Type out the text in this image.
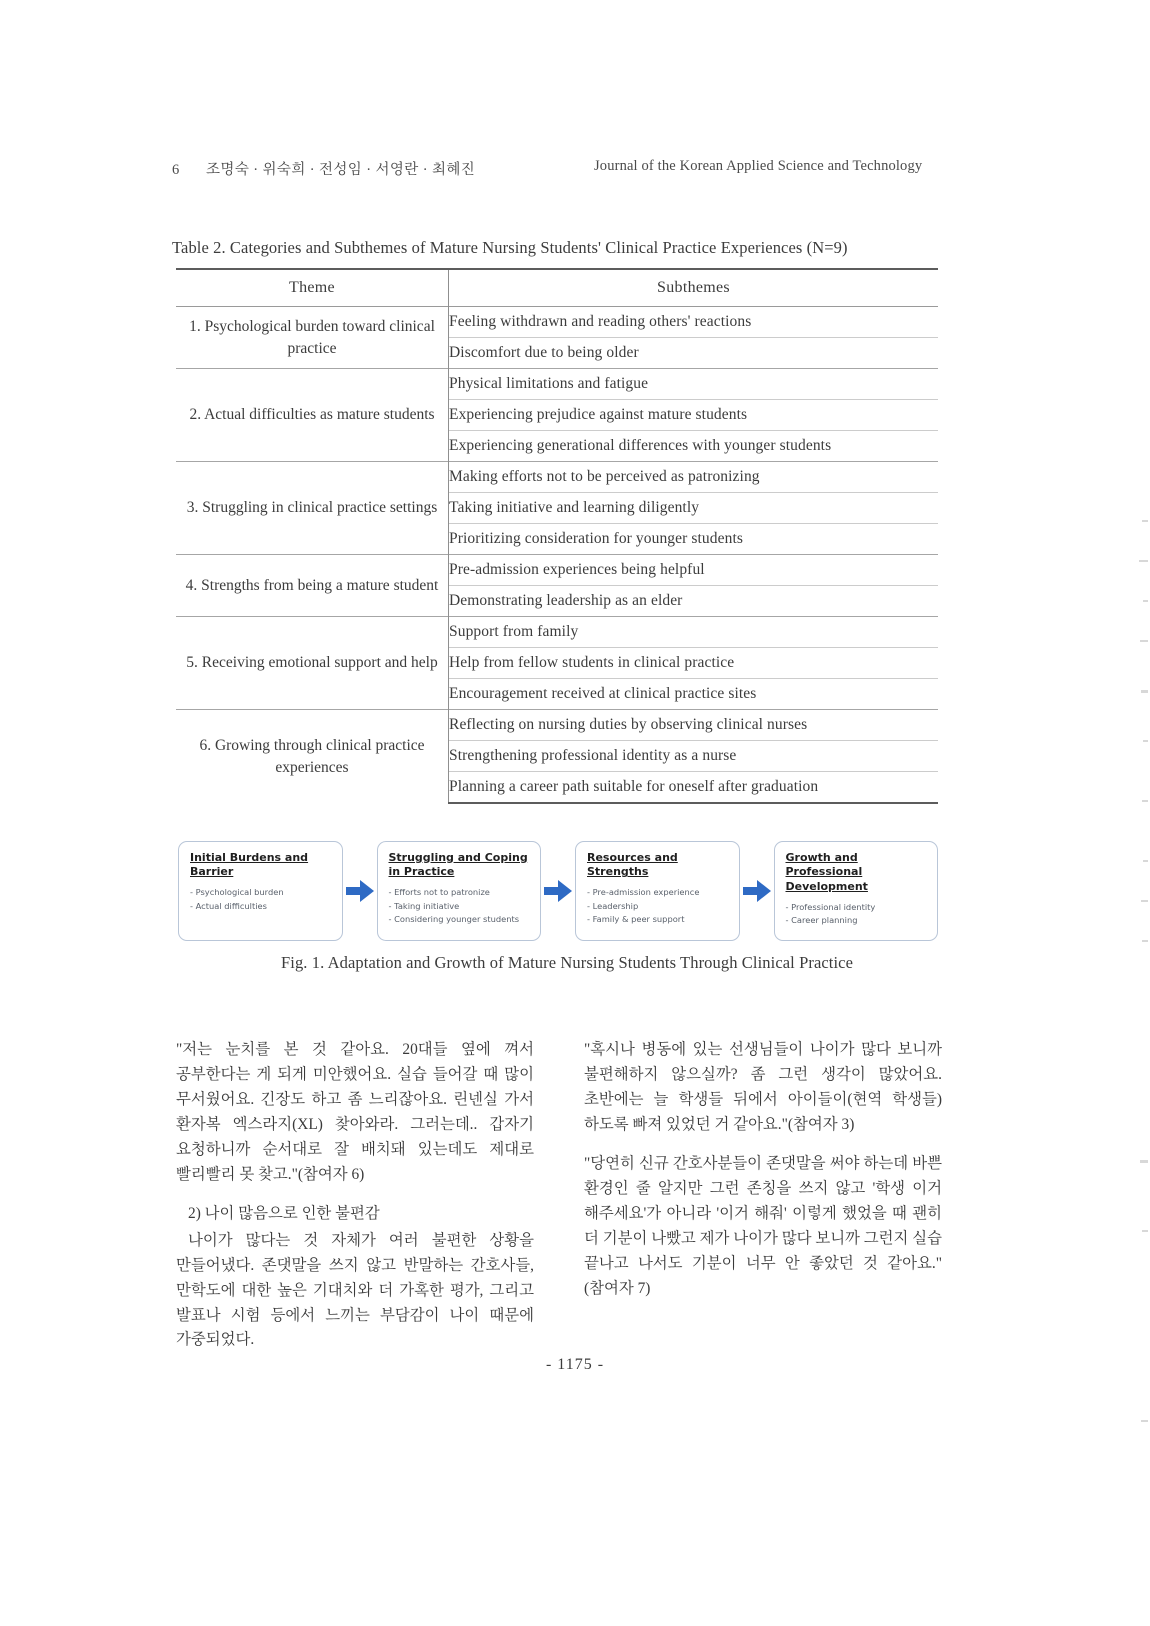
6	조명숙 · 위숙희 · 전성임 · 서영란 · 최혜진	Journal of the Korean Applied Science and Technology
Table 2. Categories and Subthemes of Mature Nursing Students' Clinical Practice Experiences (N=9)
Theme	Subthemes
1. Psychological burden toward clinical practice	Feeling withdrawn and reading others' reactions
	Discomfort due to being older
2. Actual difficulties as mature students	Physical limitations and fatigue
	Experiencing prejudice against mature students
	Experiencing generational differences with younger students
3. Struggling in clinical practice settings	Making efforts not to be perceived as patronizing
	Taking initiative and learning diligently
	Prioritizing consideration for younger students
4. Strengths from being a mature student	Pre-admission experiences being helpful
	Demonstrating leadership as an elder
5. Receiving emotional support and help	Support from family
	Help from fellow students in clinical practice
	Encouragement received at clinical practice sites
6. Growing through clinical practice experiences	Reflecting on nursing duties by observing clinical nurses
	Strengthening professional identity as a nurse
	Planning a career path suitable for oneself after graduation
Initial Burdens and Barrier
- Psychological burden
- Actual difficulties
Struggling and Coping in Practice
- Efforts not to patronize
- Taking initiative
- Considering younger students
Resources and Strengths
- Pre-admission experience
- Leadership
- Family & peer support
Growth and Professional Development
- Professional identity
- Career planning
Fig. 1. Adaptation and Growth of Mature Nursing Students Through Clinical Practice

"저는 눈치를 본 것 같아요. 20대들 옆에 껴서 공부한다는 게 되게 미안했어요. 실습 들어갈 때 많이 무서웠어요. 긴장도 하고 좀 느리잖아요. 린넨실 가서 환자복 엑스라지(XL) 찾아와라. 그러는데.. 갑자기 요청하니까 순서대로 잘 배치돼 있는데도 제대로 빨리빨리 못 찾고."(참여자 6)

2) 나이 많음으로 인한 불편감

나이가 많다는 것 자체가 여러 불편한 상황을 만들어냈다. 존댓말을 쓰지 않고 반말하는 간호사들, 만학도에 대한 높은 기대치와 더 가혹한 평가, 그리고 발표나 시험 등에서 느끼는 부담감이 나이 때문에 가중되었다.

"혹시나 병동에 있는 선생님들이 나이가 많다 보니까 불편해하지 않으실까? 좀 그런 생각이 많았어요. 초반에는 늘 학생들 뒤에서 아이들이(현역 학생들) 하도록 빠져 있었던 거 같아요."(참여자 3)

"당연히 신규 간호사분들이 존댓말을 써야 하는데 바쁜 환경인 줄 알지만 그런 존칭을 쓰지 않고 '학생 이거 해주세요'가 아니라 '이거 해줘' 이렇게 했었을 때 괜히 더 기분이 나빴고 제가 나이가 많다 보니까 그런지 실습 끝나고 나서도 기분이 너무 안 좋았던 것 같아요."(참여자 7)

- 1175 -
